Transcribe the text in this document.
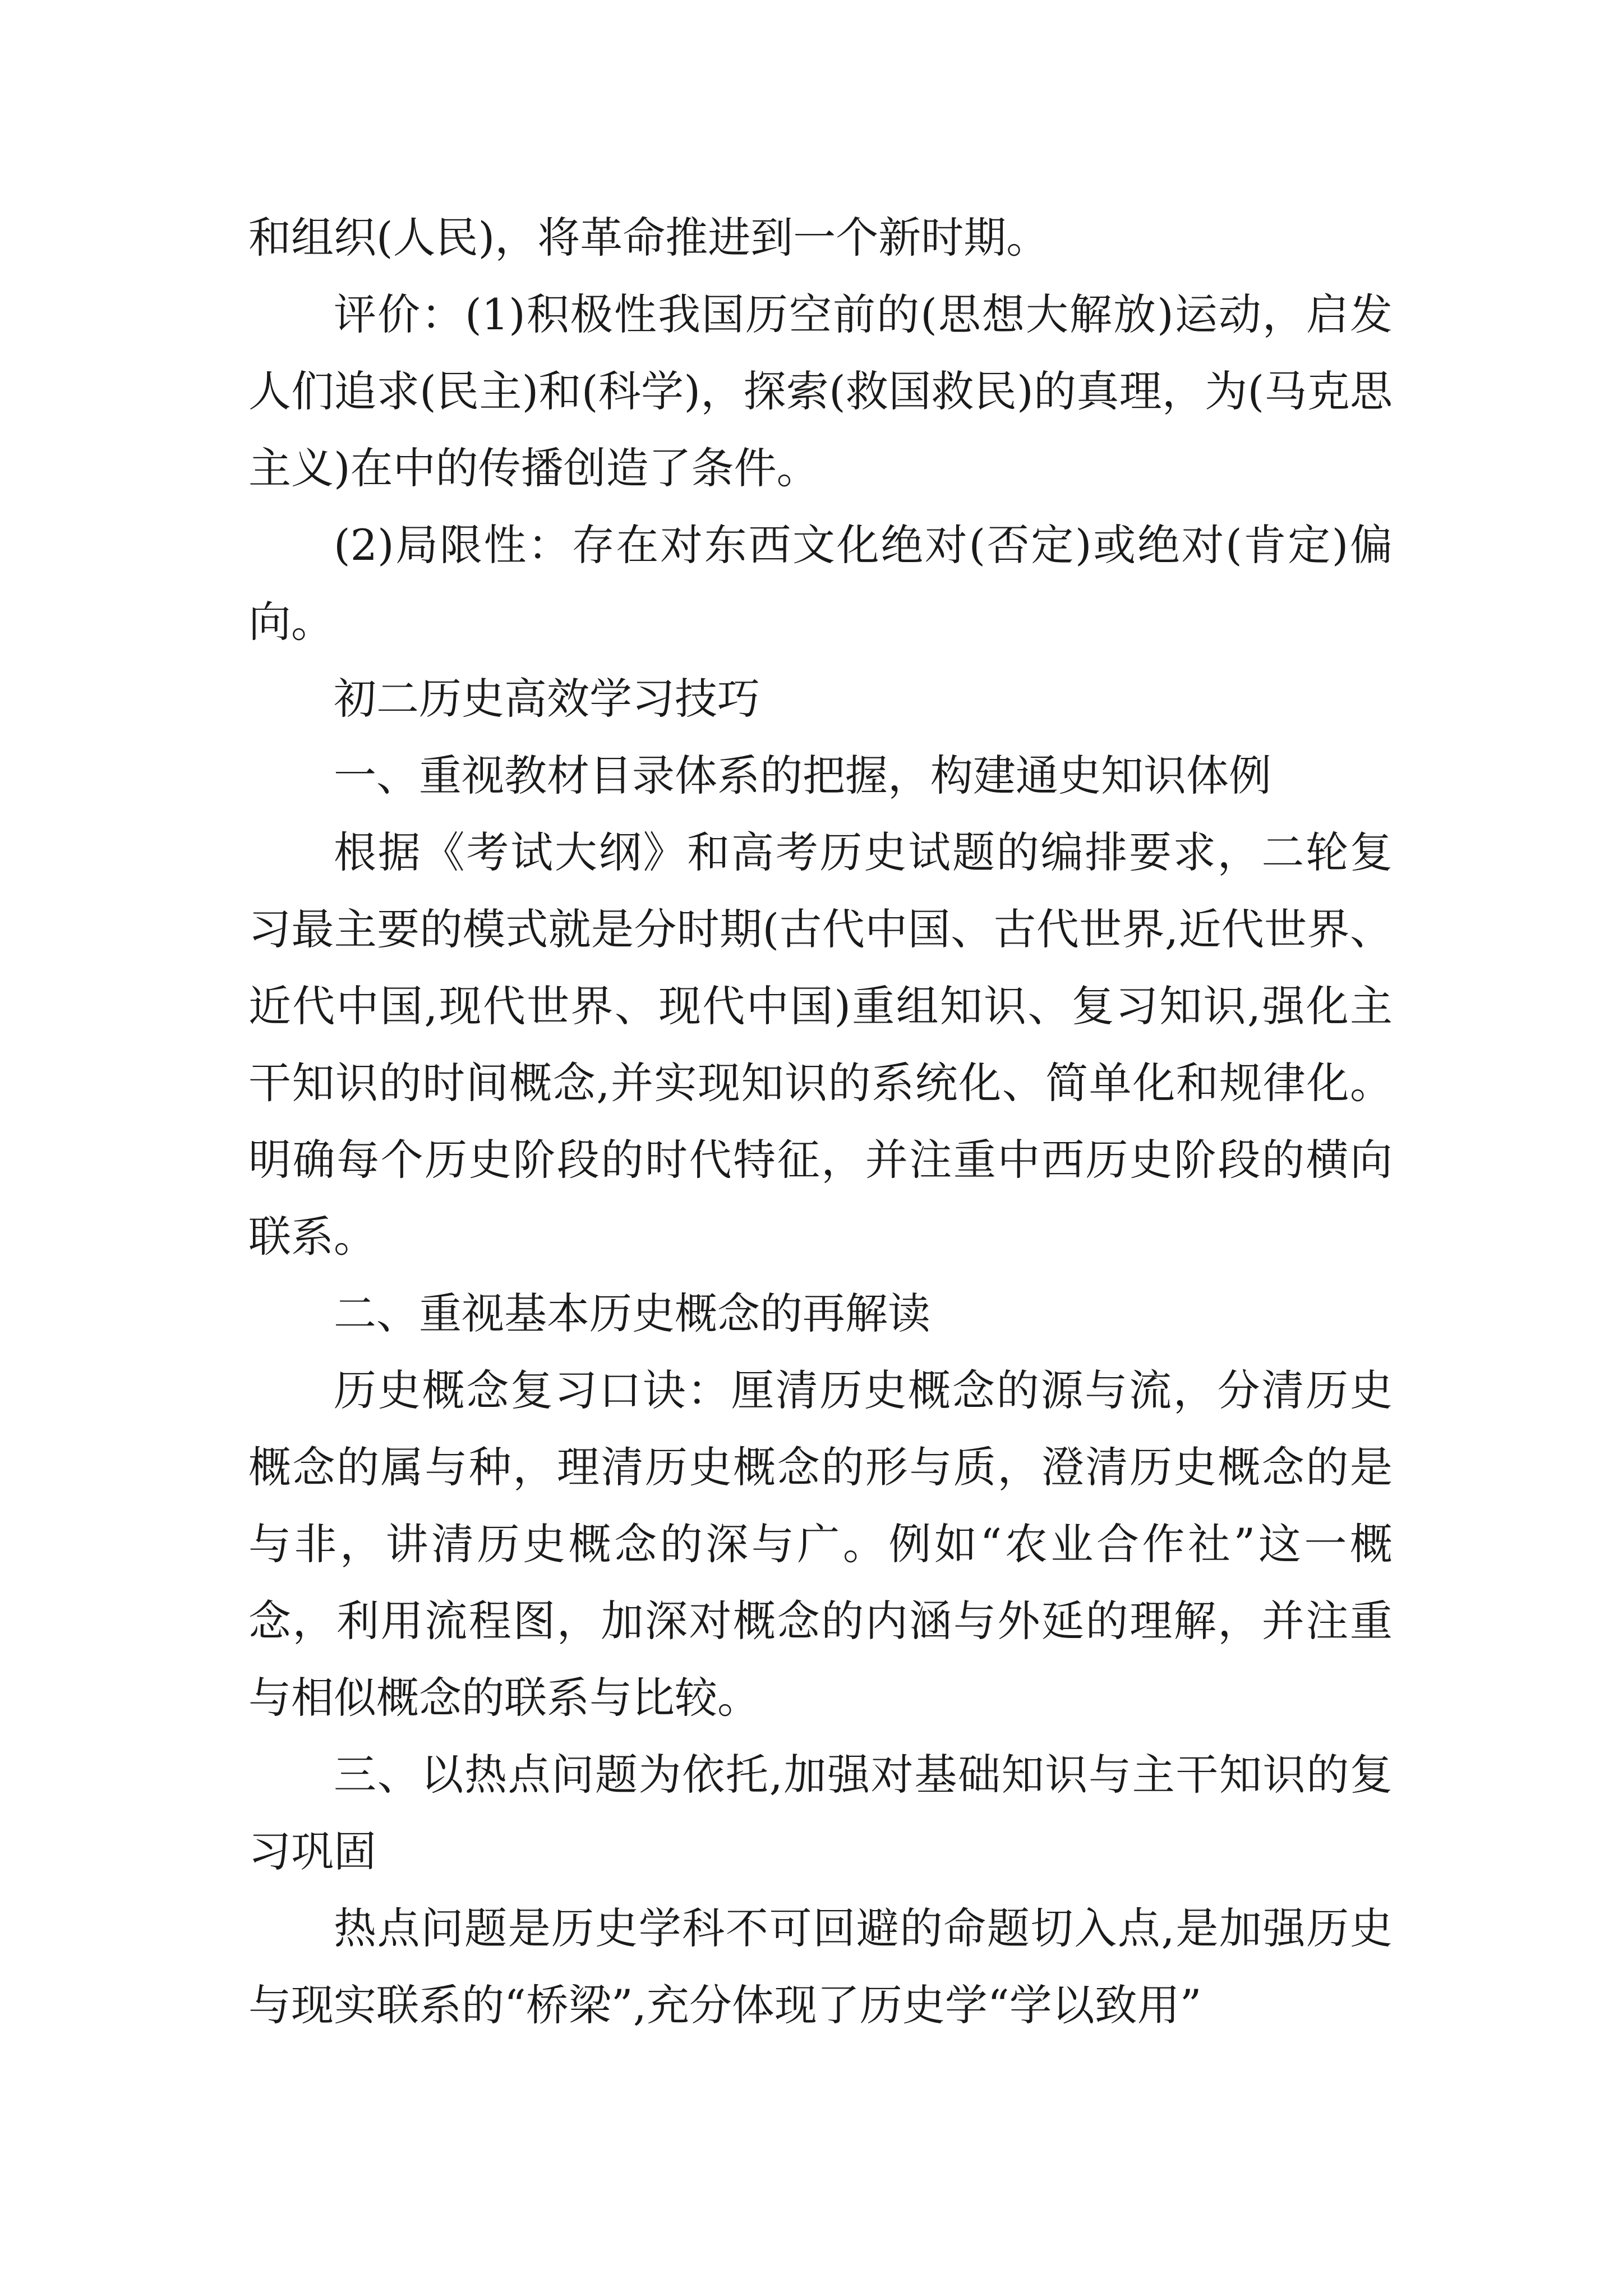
和组织(人民)，将革命推进到一个新时期。

评价：(1)积极性我国历空前的(思想大解放)运动，启发人们追求(民主)和(科学)，探索(救国救民)的真理，为(马克思主义)在中的传播创造了条件。

(2)局限性：存在对东西文化绝对(否定)或绝对(肯定)偏向。

初二历史高效学习技巧

一、重视教材目录体系的把握，构建通史知识体例

根据《考试大纲》和高考历史试题的编排要求，二轮复习最主要的模式就是分时期(古代中国、古代世界,近代世界、近代中国,现代世界、现代中国)重组知识、复习知识,强化主干知识的时间概念,并实现知识的系统化、简单化和规律化。明确每个历史阶段的时代特征，并注重中西历史阶段的横向联系。

二、重视基本历史概念的再解读

历史概念复习口诀：厘清历史概念的源与流，分清历史概念的属与种，理清历史概念的形与质，澄清历史概念的是与非，讲清历史概念的深与广。例如“农业合作社”这一概念，利用流程图，加深对概念的内涵与外延的理解，并注重与相似概念的联系与比较。

三、以热点问题为依托,加强对基础知识与主干知识的复习巩固

热点问题是历史学科不可回避的命题切入点,是加强历史与现实联系的“桥梁”,充分体现了历史学“学以致用”
